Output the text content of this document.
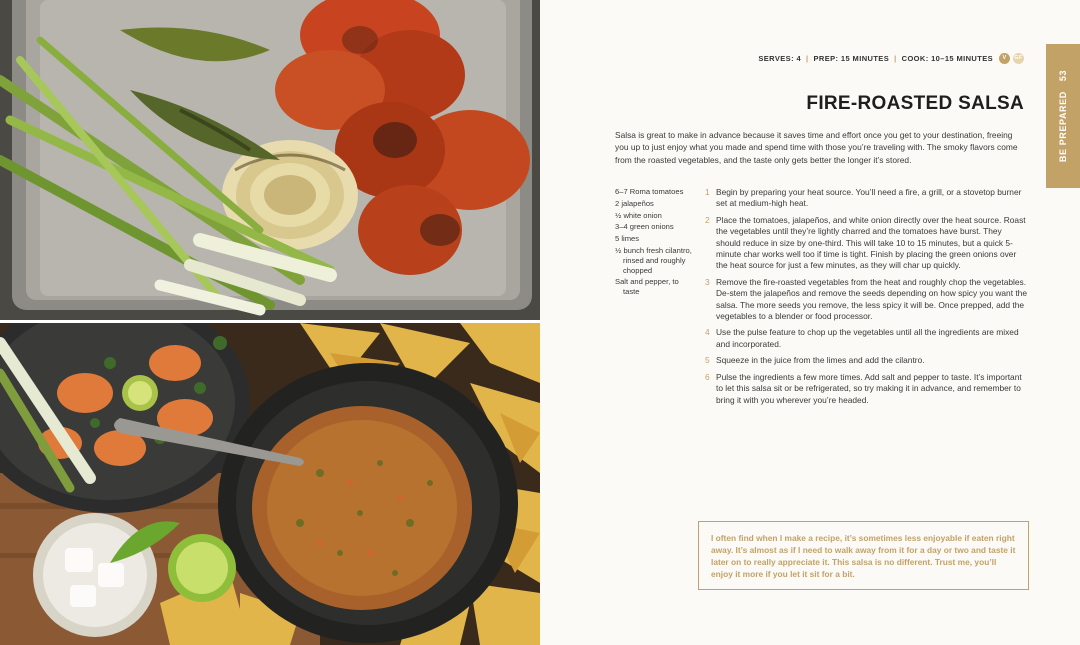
BE PREPARED53
SERVES: 4 | PREP: 15 MINUTES | COOK: 10–15 MINUTES	V	GF
FIRE-ROASTED SALSA

Salsa is great to make in advance because it saves time and effort once you get to your destination, freeing you up to just enjoy what you made and spend time with those you’re traveling with. The smoky flavors come from the roasted vegetables, and the taste only gets better the longer it’s stored.

6–7 Roma tomatoes
2 jalapeños
½ white onion
3–4 green onions
5 limes
½ bunch fresh cilantro, rinsed and roughly chopped
Salt and pepper, to taste
1 Begin by preparing your heat source. You’ll need a fire, a grill, or a stovetop burner set at medium-high heat.
2 Place the tomatoes, jalapeños, and white onion directly over the heat source. Roast the vegetables until they’re lightly charred and the tomatoes have burst. They should reduce in size by one-third. This will take 10 to 15 minutes, but a quick 5-minute char works well too if time is tight. Finish by placing the green onions over the heat source for just a few minutes, as they will char up quickly.
3 Remove the fire-roasted vegetables from the heat and roughly chop the vegetables. De-stem the jalapeños and remove the seeds depending on how spicy you want the salsa. The more seeds you remove, the less spicy it will be. Once prepped, add the vegetables to a blender or food processor.
4 Use the pulse feature to chop up the vegetables until all the ingredients are mixed and incorporated.
5 Squeeze in the juice from the limes and add the cilantro.
6 Pulse the ingredients a few more times. Add salt and pepper to taste. It’s important to let this salsa sit or be refrigerated, so try making it in advance, and remember to bring it with you wherever you’re headed.
I often find when I make a recipe, it’s sometimes less enjoyable if eaten right away. It’s almost as if I need to walk away from it for a day or two and taste it later on to really appreciate it. This salsa is no different. Trust me, you’ll enjoy it more if you let it sit for a bit.
